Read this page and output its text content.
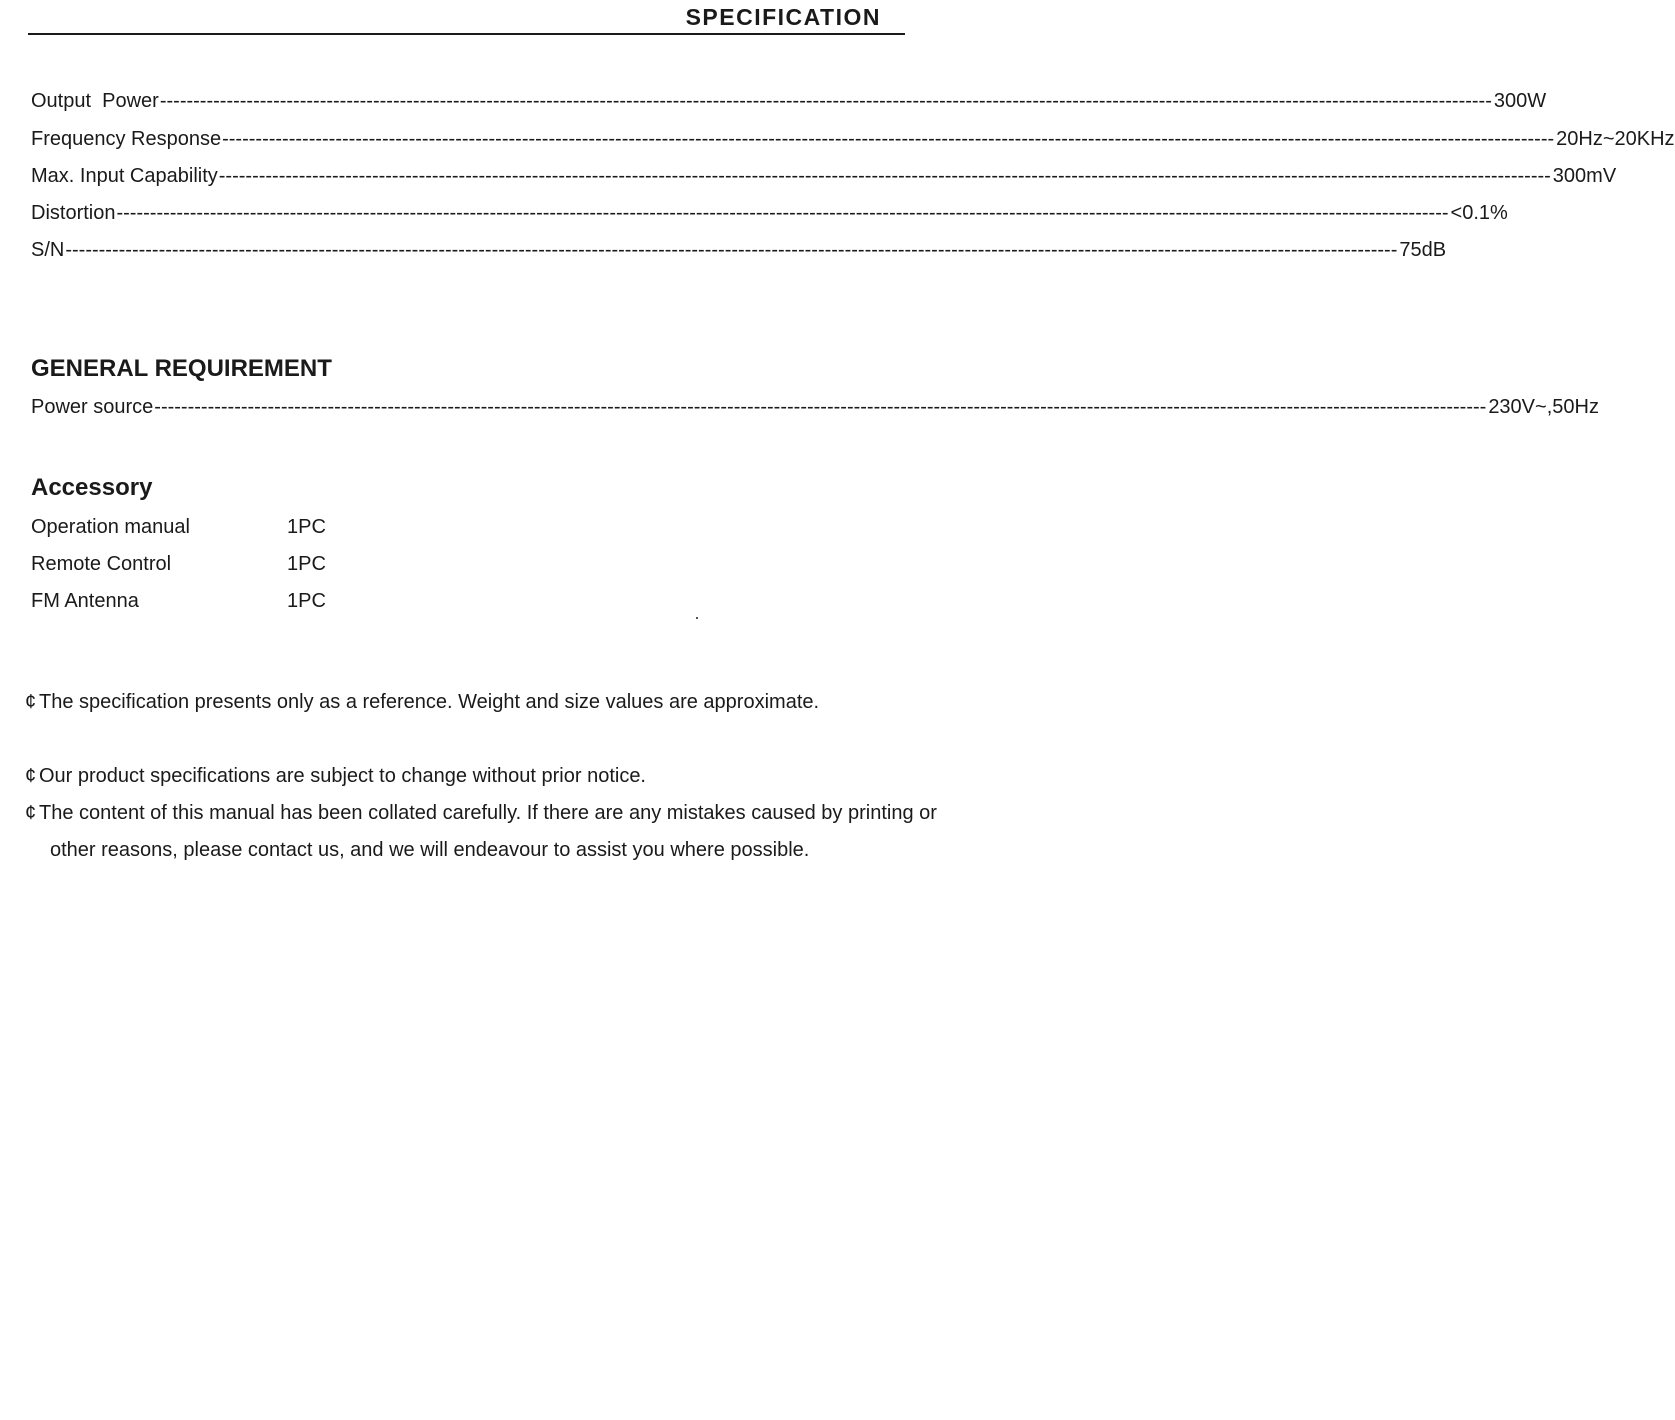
SPECIFICATION
Output  Power -------------------------------------------------------------------------------------------------------------------------------------------------------------------------------------------------------- 300W
Frequency Response -------------------------------------------------------------------------------------------------------------------------------------------------------------------------------------------------------- 20Hz~20KHz
Max. Input Capability -------------------------------------------------------------------------------------------------------------------------------------------------------------------------------------------------------- 300mV
Distortion -------------------------------------------------------------------------------------------------------------------------------------------------------------------------------------------------------- <0.1%
S/N -------------------------------------------------------------------------------------------------------------------------------------------------------------------------------------------------------- 75dB
GENERAL REQUIREMENT
Power source -------------------------------------------------------------------------------------------------------------------------------------------------------------------------------------------------------- 230V~,50Hz
Accessory
Operation manual	1PC
Remote Control	1PC
FM Antenna	1PC
¢ The specification presents only as a reference. Weight and size values are approximate.
¢ Our product specifications are subject to change without prior notice.
¢ The content of this manual has been collated carefully. If there are any mistakes caused by printing or other reasons, please contact us, and we will endeavour to assist you where possible.
